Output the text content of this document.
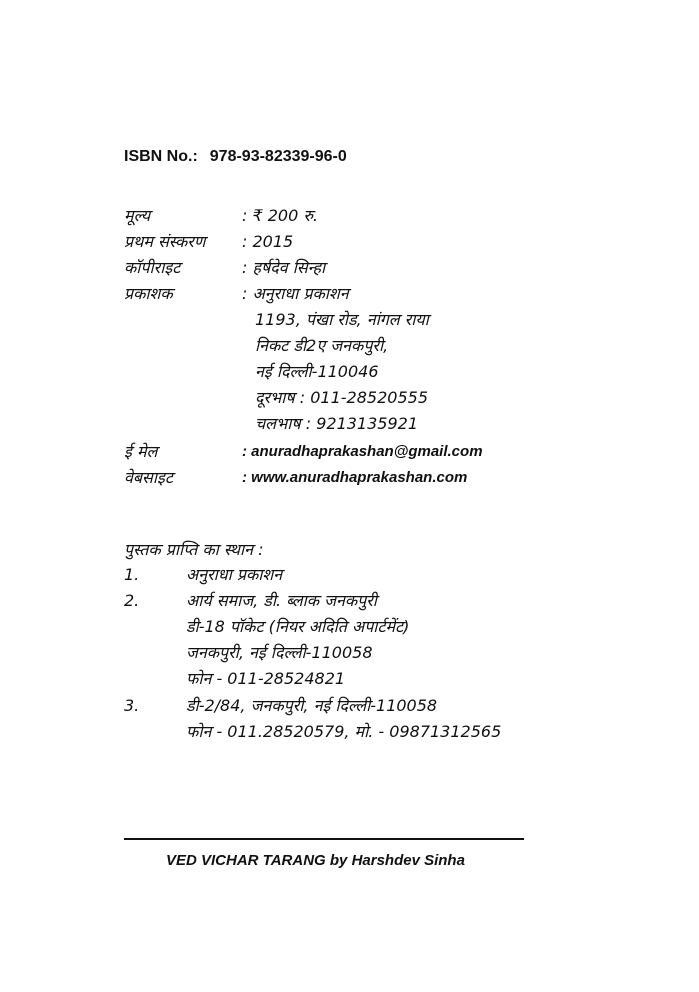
ISBN No.: 978-93-82339-96-0
मूल्य	: ₹ 200 रु.
प्रथम संस्करण	: 2015
कॉपीराइट	: हर्षदेव सिन्हा
प्रकाशक	: अनुराधा प्रकाशन
1193, पंखा रोड, नांगल राया
निकट डी2ए जनकपुरी,
नई दिल्ली-110046
दूरभाष : 011-28520555
चलभाष : 9213135921
ई मेल	: anuradhaprakashan@gmail.com
वेबसाइट	: www.anuradhaprakashan.com
पुस्तक प्राप्ति का स्थान :
1.	अनुराधा प्रकाशन
2.	आर्य समाज, डी. ब्लाक जनकपुरी
डी-18 पॉकेट (नियर अदिति अपार्टमेंट)
जनकपुरी, नई दिल्ली-110058
फोन - 011-28524821
3.	डी-2/84, जनकपुरी, नई दिल्ली-110058
फोन - 011.28520579, मो. - 09871312565
VED VICHAR TARANG by Harshdev Sinha
